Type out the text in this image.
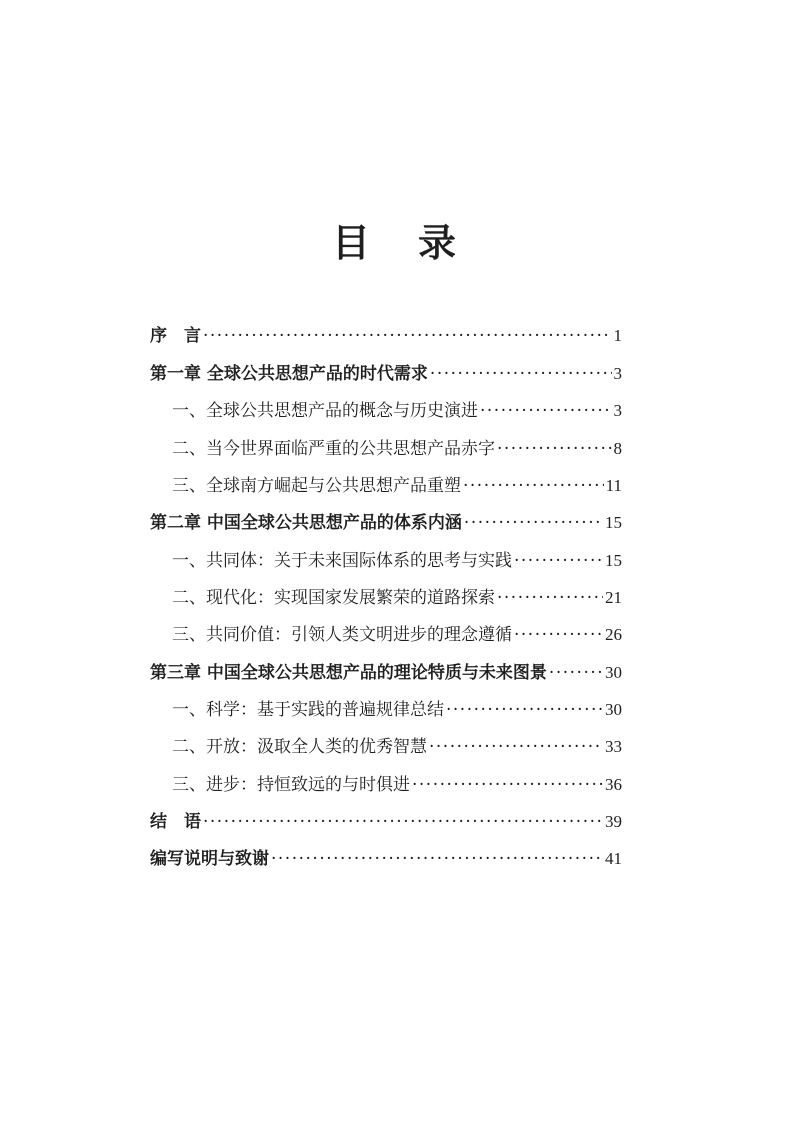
目 录
序　言 ·····	1
第一章 全球公共思想产品的时代需求 ·····	3
一、全球公共思想产品的概念与历史演进 ·····	3
二、当今世界面临严重的公共思想产品赤字 ·····	8
三、全球南方崛起与公共思想产品重塑 ·····	11
第二章 中国全球公共思想产品的体系内涵 ·····	15
一、共同体：关于未来国际体系的思考与实践 ·····	15
二、现代化：实现国家发展繁荣的道路探索 ·····	21
三、共同价值：引领人类文明进步的理念遵循 ·····	26
第三章 中国全球公共思想产品的理论特质与未来图景 ·····	30
一、科学：基于实践的普遍规律总结 ·····	30
二、开放：汲取全人类的优秀智慧 ·····	33
三、进步：持恒致远的与时俱进 ·····	36
结　语 ·····	39
编写说明与致谢 ·····	41
